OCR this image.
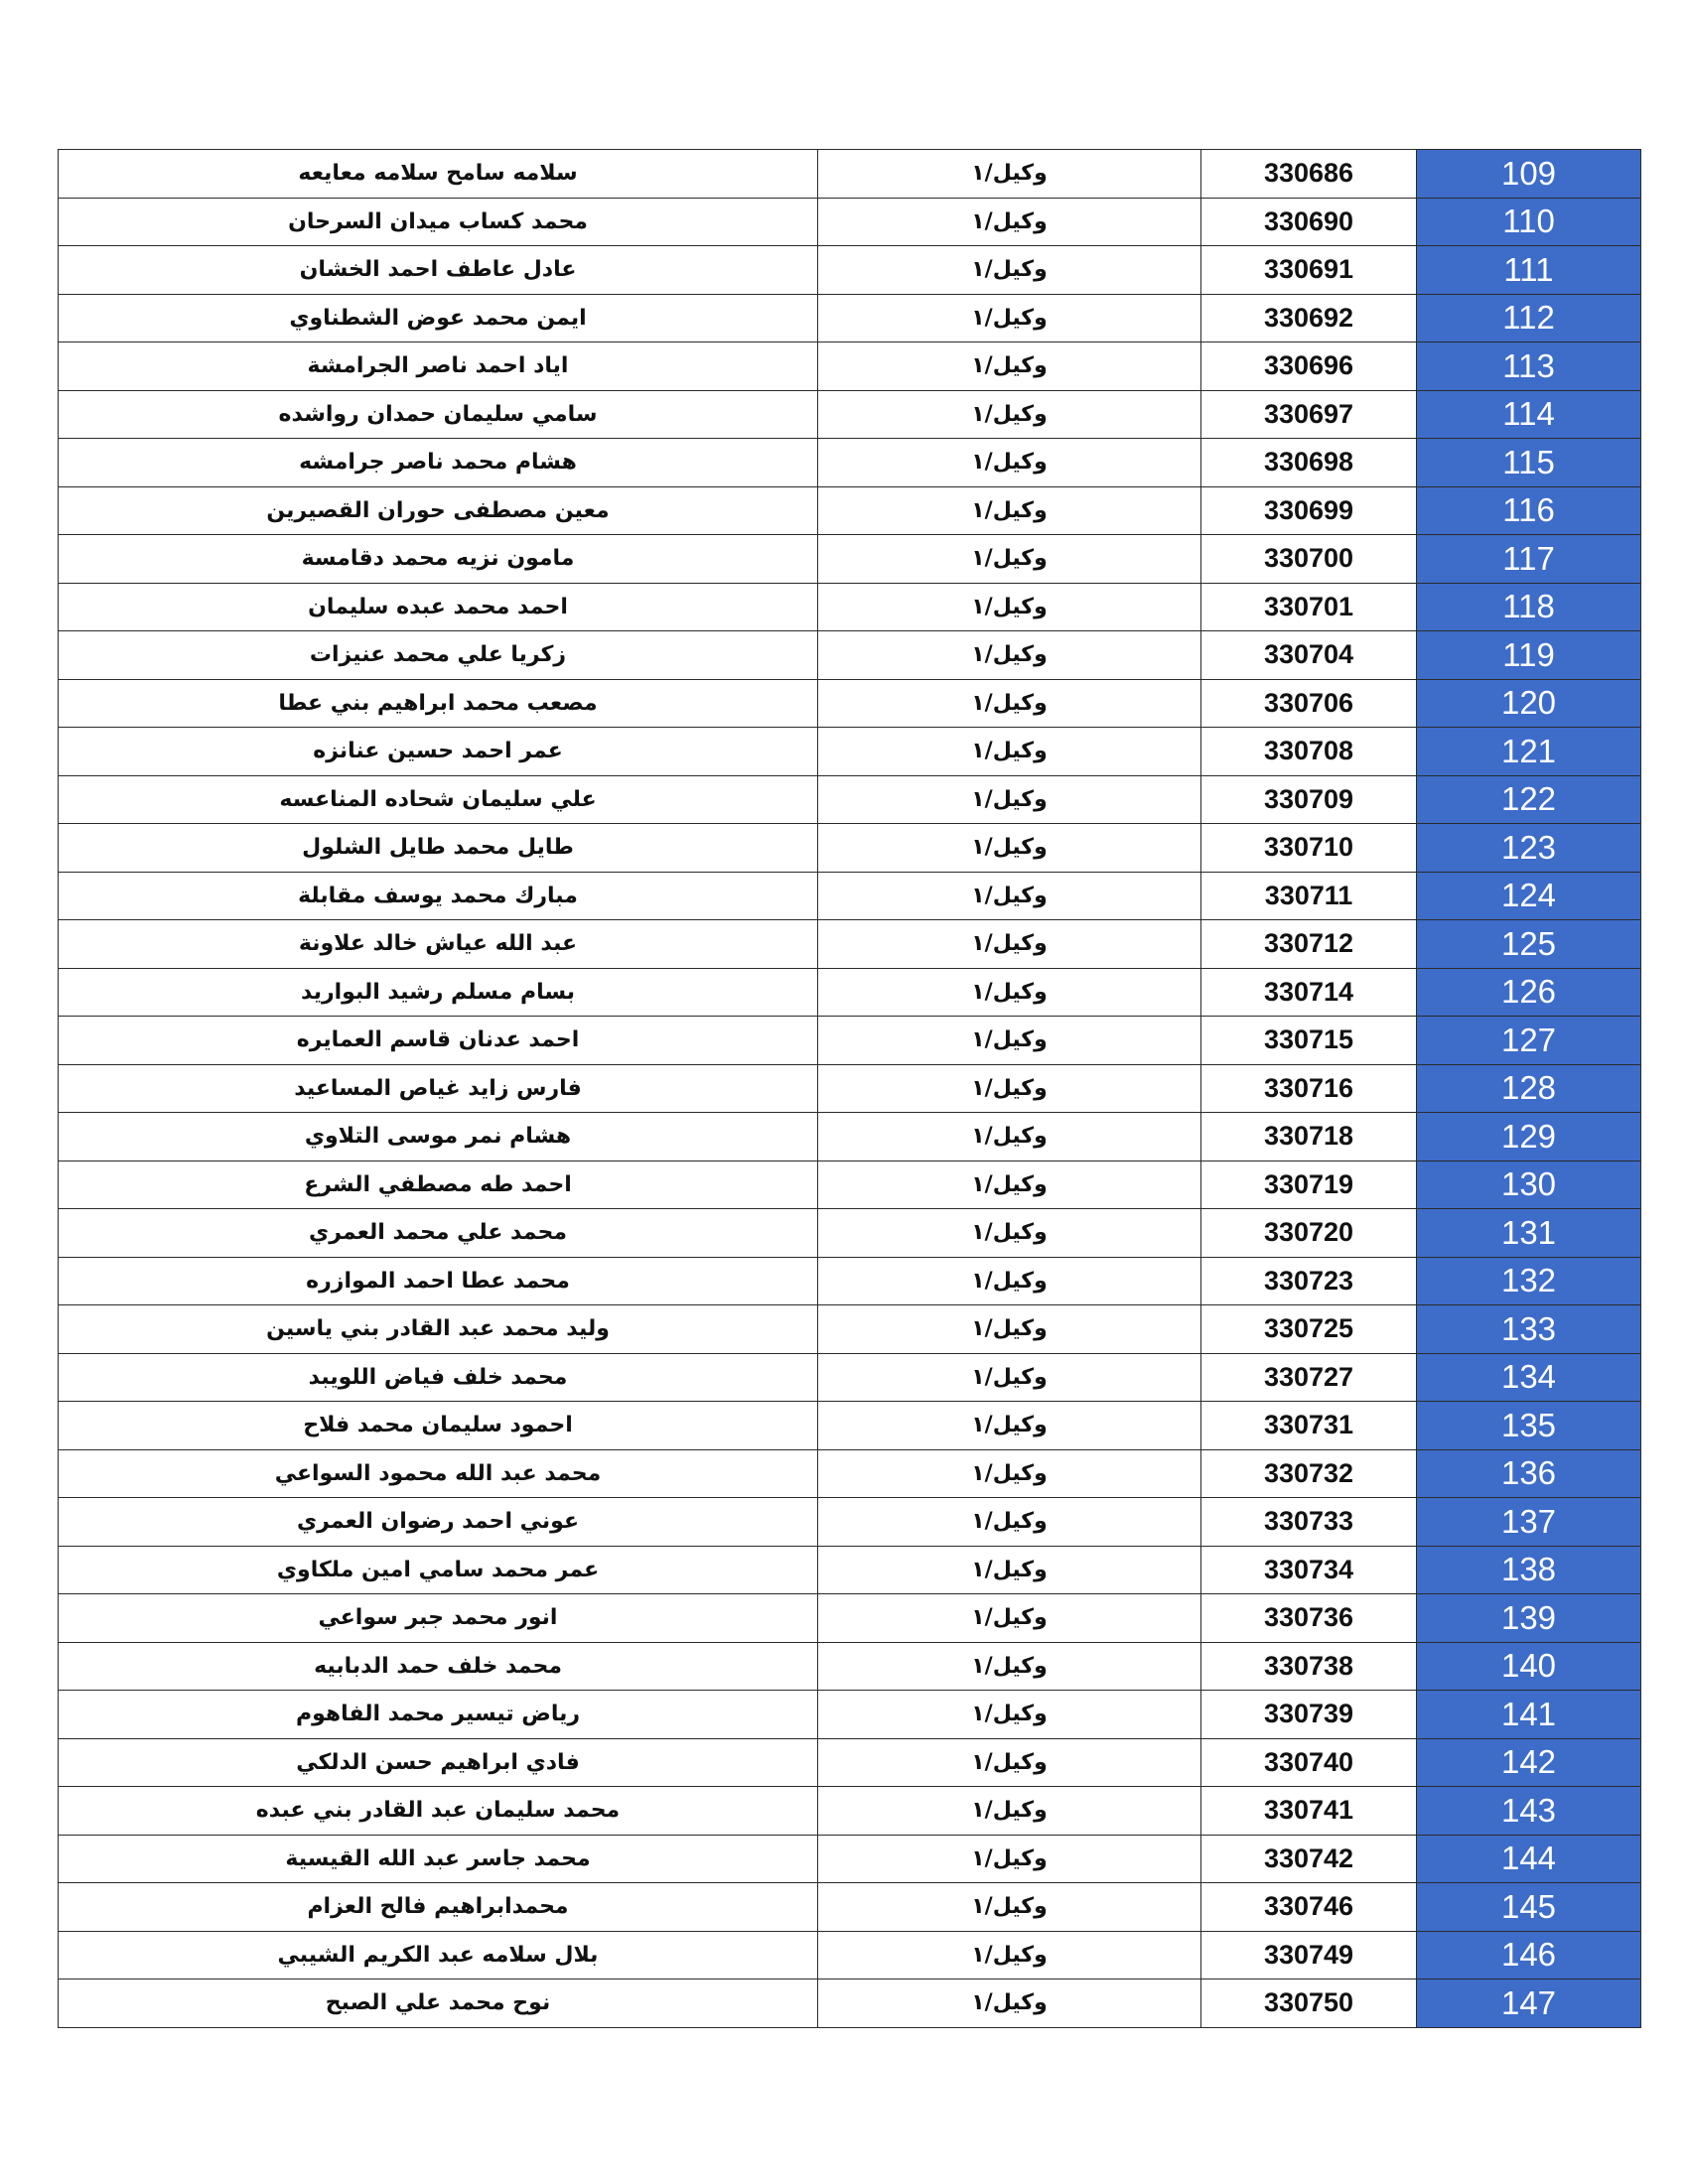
سلامه سامح سلامه معايعه	وكيل/١	330686	109
محمد كساب ميدان السرحان	وكيل/١	330690	110
عادل عاطف احمد الخشان	وكيل/١	330691	111
ايمن محمد عوض الشطناوي	وكيل/١	330692	112
اياد احمد ناصر الجرامشة	وكيل/١	330696	113
سامي سليمان حمدان رواشده	وكيل/١	330697	114
هشام محمد ناصر جرامشه	وكيل/١	330698	115
معين مصطفى حوران القصيرين	وكيل/١	330699	116
مامون نزيه محمد دقامسة	وكيل/١	330700	117
احمد محمد عبده سليمان	وكيل/١	330701	118
زكريا علي محمد عنيزات	وكيل/١	330704	119
مصعب محمد ابراهيم بني عطا	وكيل/١	330706	120
عمر احمد حسين عنانزه	وكيل/١	330708	121
علي سليمان شحاده المناعسه	وكيل/١	330709	122
طايل محمد طايل الشلول	وكيل/١	330710	123
مبارك محمد يوسف مقابلة	وكيل/١	330711	124
عبد الله عياش خالد علاونة	وكيل/١	330712	125
بسام مسلم رشيد البواريد	وكيل/١	330714	126
احمد عدنان قاسم العمايره	وكيل/١	330715	127
فارس زايد غياص المساعيد	وكيل/١	330716	128
هشام نمر موسى التلاوي	وكيل/١	330718	129
احمد طه مصطفي الشرع	وكيل/١	330719	130
محمد علي محمد العمري	وكيل/١	330720	131
محمد عطا احمد الموازره	وكيل/١	330723	132
وليد محمد عبد القادر بني ياسين	وكيل/١	330725	133
محمد خلف فياض اللويبد	وكيل/١	330727	134
احمود سليمان محمد فلاح	وكيل/١	330731	135
محمد عبد الله محمود السواعي	وكيل/١	330732	136
عوني احمد رضوان العمري	وكيل/١	330733	137
عمر محمد سامي امين ملكاوي	وكيل/١	330734	138
انور محمد جبر سواعي	وكيل/١	330736	139
محمد خلف حمد الدبابيه	وكيل/١	330738	140
رياض تيسير محمد الفاهوم	وكيل/١	330739	141
فادي ابراهيم حسن الدلكي	وكيل/١	330740	142
محمد سليمان عبد القادر بني عبده	وكيل/١	330741	143
محمد جاسر عبد الله القيسية	وكيل/١	330742	144
محمدابراهيم فالح العزام	وكيل/١	330746	145
بلال سلامه عبد الكريم الشيبي	وكيل/١	330749	146
نوح محمد علي الصبح	وكيل/١	330750	147
